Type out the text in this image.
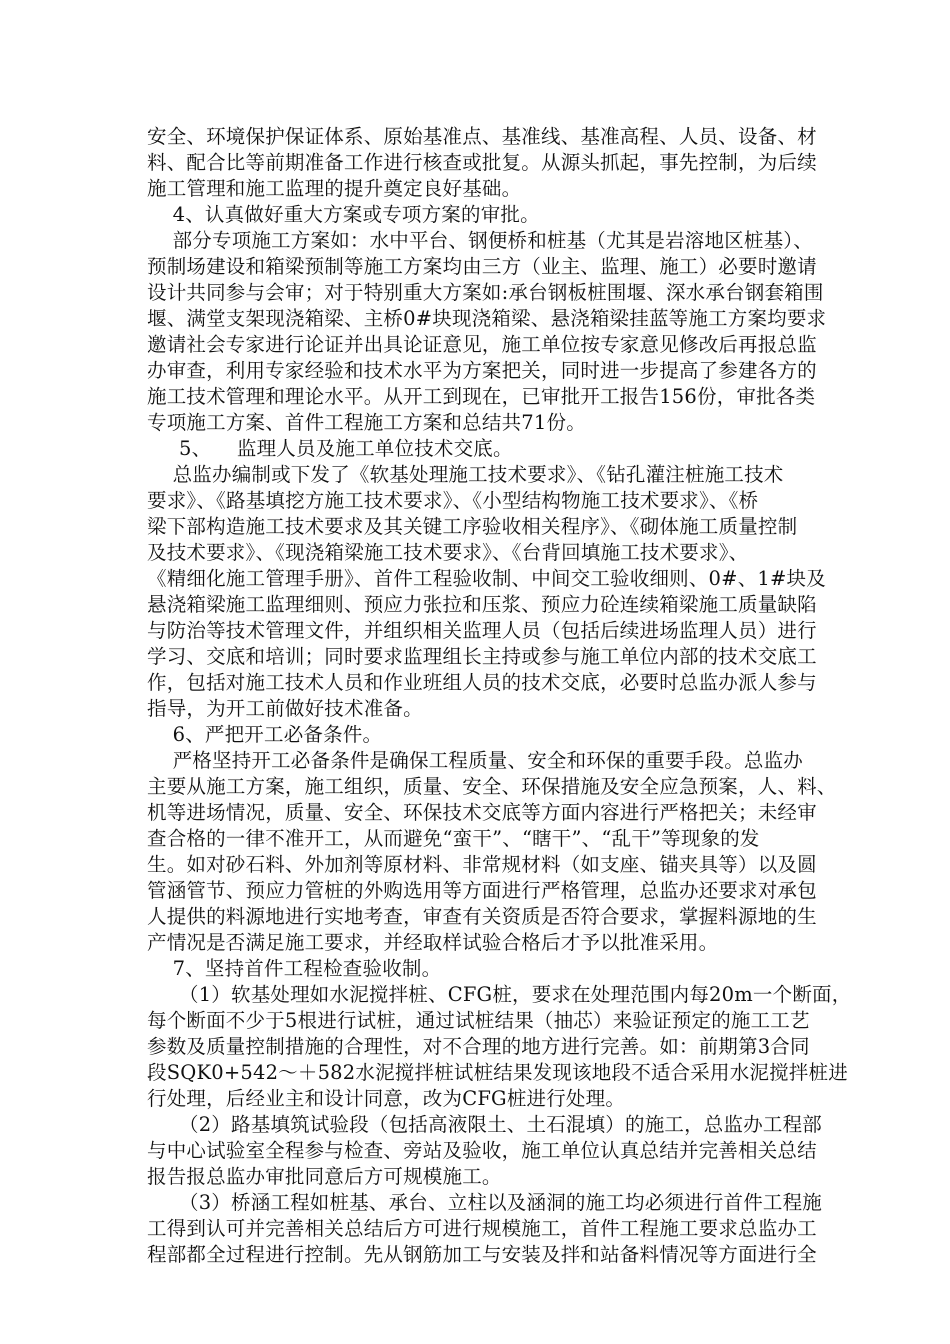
安全、环境保护保证体系、原始基准点、基准线、基准高程、人员、设备、材
料、配合比等前期准备工作进行核查或批复。从源头抓起，事先控制，为后续
施工管理和施工监理的提升奠定良好基础。
4、认真做好重大方案或专项方案的审批。
部分专项施工方案如：水中平台、钢便桥和桩基（尤其是岩溶地区桩基）、
预制场建设和箱梁预制等施工方案均由三方（业主、监理、施工）必要时邀请
设计共同参与会审；对于特别重大方案如:承台钢板桩围堰、深水承台钢套箱围
堰、满堂支架现浇箱梁、主桥0#块现浇箱梁、悬浇箱梁挂蓝等施工方案均要求
邀请社会专家进行论证并出具论证意见，施工单位按专家意见修改后再报总监
办审查，利用专家经验和技术水平为方案把关，同时进一步提高了参建各方的
施工技术管理和理论水平。从开工到现在，已审批开工报告156份，审批各类
专项施工方案、首件工程施工方案和总结共71份。
5、    监理人员及施工单位技术交底。
总监办编制或下发了《软基处理施工技术要求》、《钻孔灌注桩施工技术
要求》、《路基填挖方施工技术要求》、《小型结构物施工技术要求》、《桥
梁下部构造施工技术要求及其关键工序验收相关程序》、《砌体施工质量控制
及技术要求》、《现浇箱梁施工技术要求》、《台背回填施工技术要求》、
《精细化施工管理手册》、首件工程验收制、中间交工验收细则、0#、1#块及
悬浇箱梁施工监理细则、预应力张拉和压浆、预应力砼连续箱梁施工质量缺陷
与防治等技术管理文件，并组织相关监理人员（包括后续进场监理人员）进行
学习、交底和培训；同时要求监理组长主持或参与施工单位内部的技术交底工
作，包括对施工技术人员和作业班组人员的技术交底，必要时总监办派人参与
指导，为开工前做好技术准备。
6、严把开工必备条件。
严格坚持开工必备条件是确保工程质量、安全和环保的重要手段。总监办
主要从施工方案，施工组织，质量、安全、环保措施及安全应急预案，人、料、
机等进场情况，质量、安全、环保技术交底等方面内容进行严格把关；未经审
查合格的一律不准开工，从而避免“蛮干”、“瞎干”、“乱干”等现象的发
生。如对砂石料、外加剂等原材料、非常规材料（如支座、锚夹具等）以及圆
管涵管节、预应力管桩的外购选用等方面进行严格管理，总监办还要求对承包
人提供的料源地进行实地考查，审查有关资质是否符合要求，掌握料源地的生
产情况是否满足施工要求，并经取样试验合格后才予以批准采用。
7、坚持首件工程检查验收制。
（1）软基处理如水泥搅拌桩、CFG桩，要求在处理范围内每20m一个断面，
每个断面不少于5根进行试桩，通过试桩结果（抽芯）来验证预定的施工工艺
参数及质量控制措施的合理性，对不合理的地方进行完善。如：前期第3合同
段SQK0+542～＋582水泥搅拌桩试桩结果发现该地段不适合采用水泥搅拌桩进
行处理，后经业主和设计同意，改为CFG桩进行处理。
（2）路基填筑试验段（包括高液限土、土石混填）的施工，总监办工程部
与中心试验室全程参与检查、旁站及验收，施工单位认真总结并完善相关总结
报告报总监办审批同意后方可规模施工。
（3）桥涵工程如桩基、承台、立柱以及涵洞的施工均必须进行首件工程施
工得到认可并完善相关总结后方可进行规模施工，首件工程施工要求总监办工
程部都全过程进行控制。先从钢筋加工与安装及拌和站备料情况等方面进行全
